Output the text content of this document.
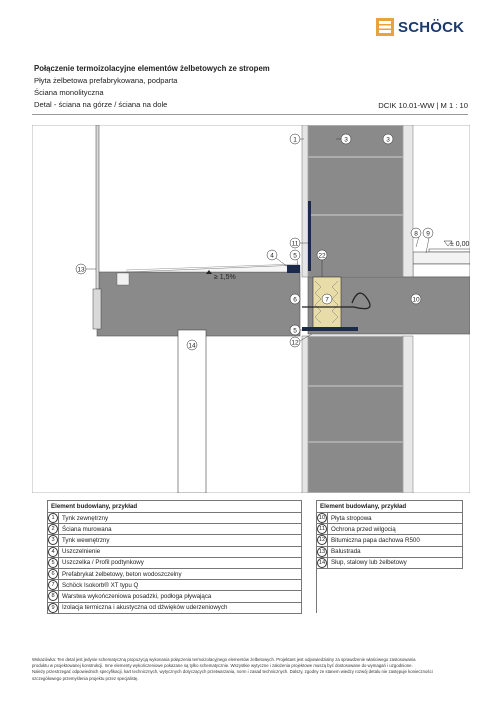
SCHÖCK
Połączenie termoizolacyjne elementów żelbetowych ze stropem
Płyta żelbetowa prefabrykowana, podparta
Ściana monolityczna
Detal - ściana na górze / ściana na dole	DCIK 10.01-WW | M 1 : 10
1	3	3
8 9
11
4	5	22
13
6	7	10
14
5
12
≥ 1,5%
± 0,00
Element budowlany, przykład			Element budowlany, przykład	
1	Tynk zewnętrzny		10	Płyta stropowa
2	Ściana murowana		11	Ochrona przed wilgocią
3	Tynk wewnętrzny		12	Bitumiczna papa dachowa R500
4	Uszczelnienie		13	Balustrada
5	Uszczelka / Profil podtynkowy		14	Słup, stalowy lub żelbetowy
6	Prefabrykat żelbetowy, beton wodoszczelny			
7	Schöck Isokorb® XT typu Q			
8	Warstwa wykończeniowa posadzki, podłoga pływająca			
9	Izolacja termiczna i akustyczna od dźwięków uderzeniowych			
Wskazówka: Ten detal jest jedynie schematyczną propozycją wykonania połączenia termoizolacyjnego elementów żelbetowych. Projektant jest odpowiedzialny za sprawdzenie właściwego zastosowania
produktu w projektowanej konstrukcji. Inne elementy wykończeniowe pokazane są tylko schematycznie. Wszystkie wytyczne i założenia projektowe muszą być dostosowane do wymagań i uzgodnione.
Należy przestrzegać odpowiednich specyfikacji, kart technicznych, wytycznych dotyczących przetwarzania, norm i zasad technicznych. Dalszy, zgodny ze stanem wiedzy rozwój detalu nie zastępuje konieczności
szczegółowego przemyślenia projektu przez specjalistę.
